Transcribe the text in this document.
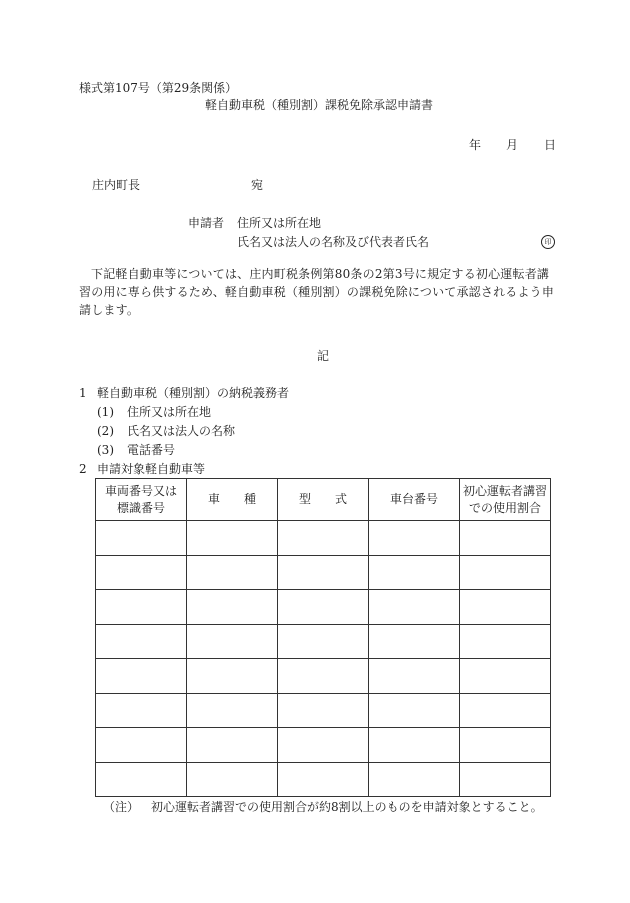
様式第107号（第29条関係）
軽自動車税（種別割）課税免除承認申請書
年 月 日
庄内町長	宛
申請者 住所又は所在地
氏名又は法人の名称及び代表者氏名	印
下記軽自動車等については、庄内町税条例第80条の2第3号に規定する初心運転者講習の用に専ら供するため、軽自動車税（種別割）の課税免除について承認されるよう申請します。
記
1 軽自動車税（種別割）の納税義務者
(1) 住所又は所在地
(2) 氏名又は法人の名称
(3) 電話番号
2 申請対象軽自動車等
車両番号又は
標識番号	車　　種	型　　式	車台番号	初心運転者講習
での使用割合

（注） 初心運転者講習での使用割合が約8割以上のものを申請対象とすること。
